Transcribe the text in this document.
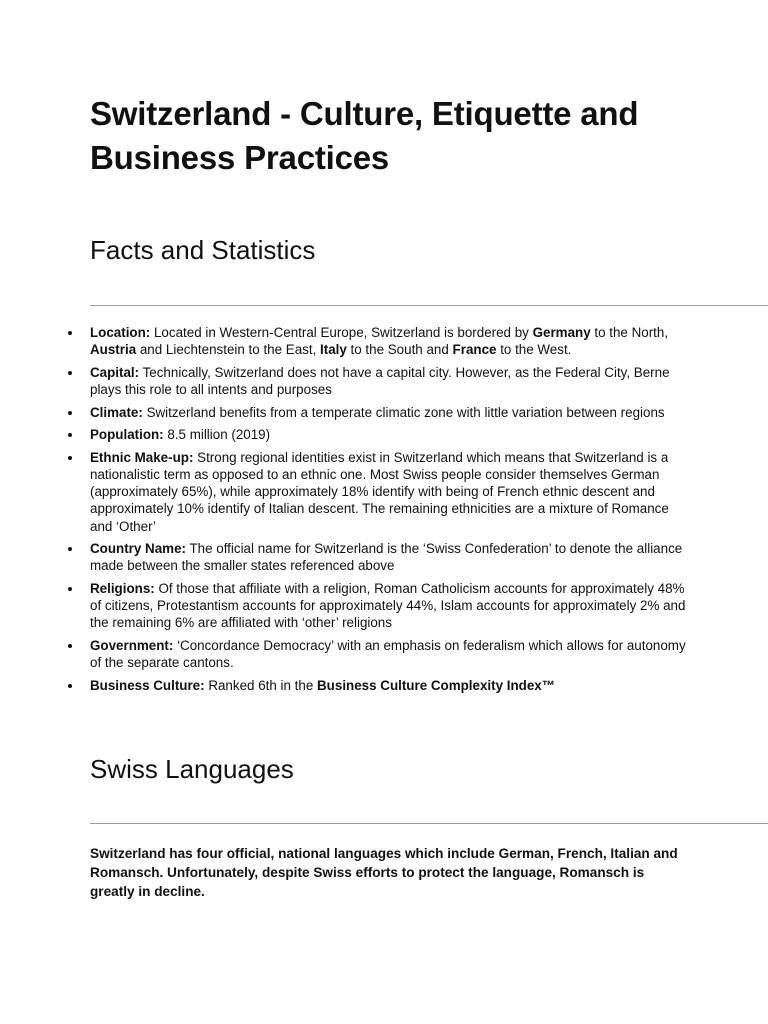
Switzerland - Culture, Etiquette and Business Practices
Facts and Statistics
Location: Located in Western-Central Europe, Switzerland is bordered by Germany to the North, Austria and Liechtenstein to the East, Italy to the South and France to the West.
Capital: Technically, Switzerland does not have a capital city. However, as the Federal City, Berne plays this role to all intents and purposes
Climate: Switzerland benefits from a temperate climatic zone with little variation between regions
Population: 8.5 million (2019)
Ethnic Make-up: Strong regional identities exist in Switzerland which means that Switzerland is a nationalistic term as opposed to an ethnic one. Most Swiss people consider themselves German (approximately 65%), while approximately 18% identify with being of French ethnic descent and approximately 10% identify of Italian descent. The remaining ethnicities are a mixture of Romance and ‘Other’
Country Name: The official name for Switzerland is the ‘Swiss Confederation’ to denote the alliance made between the smaller states referenced above
Religions: Of those that affiliate with a religion, Roman Catholicism accounts for approximately 48% of citizens, Protestantism accounts for approximately 44%, Islam accounts for approximately 2% and the remaining 6% are affiliated with ‘other’ religions
Government: ‘Concordance Democracy’ with an emphasis on federalism which allows for autonomy of the separate cantons.
Business Culture: Ranked 6th in the Business Culture Complexity Index™
Swiss Languages

Switzerland has four official, national languages which include German, French, Italian and Romansch. Unfortunately, despite Swiss efforts to protect the language, Romansch is greatly in decline.
